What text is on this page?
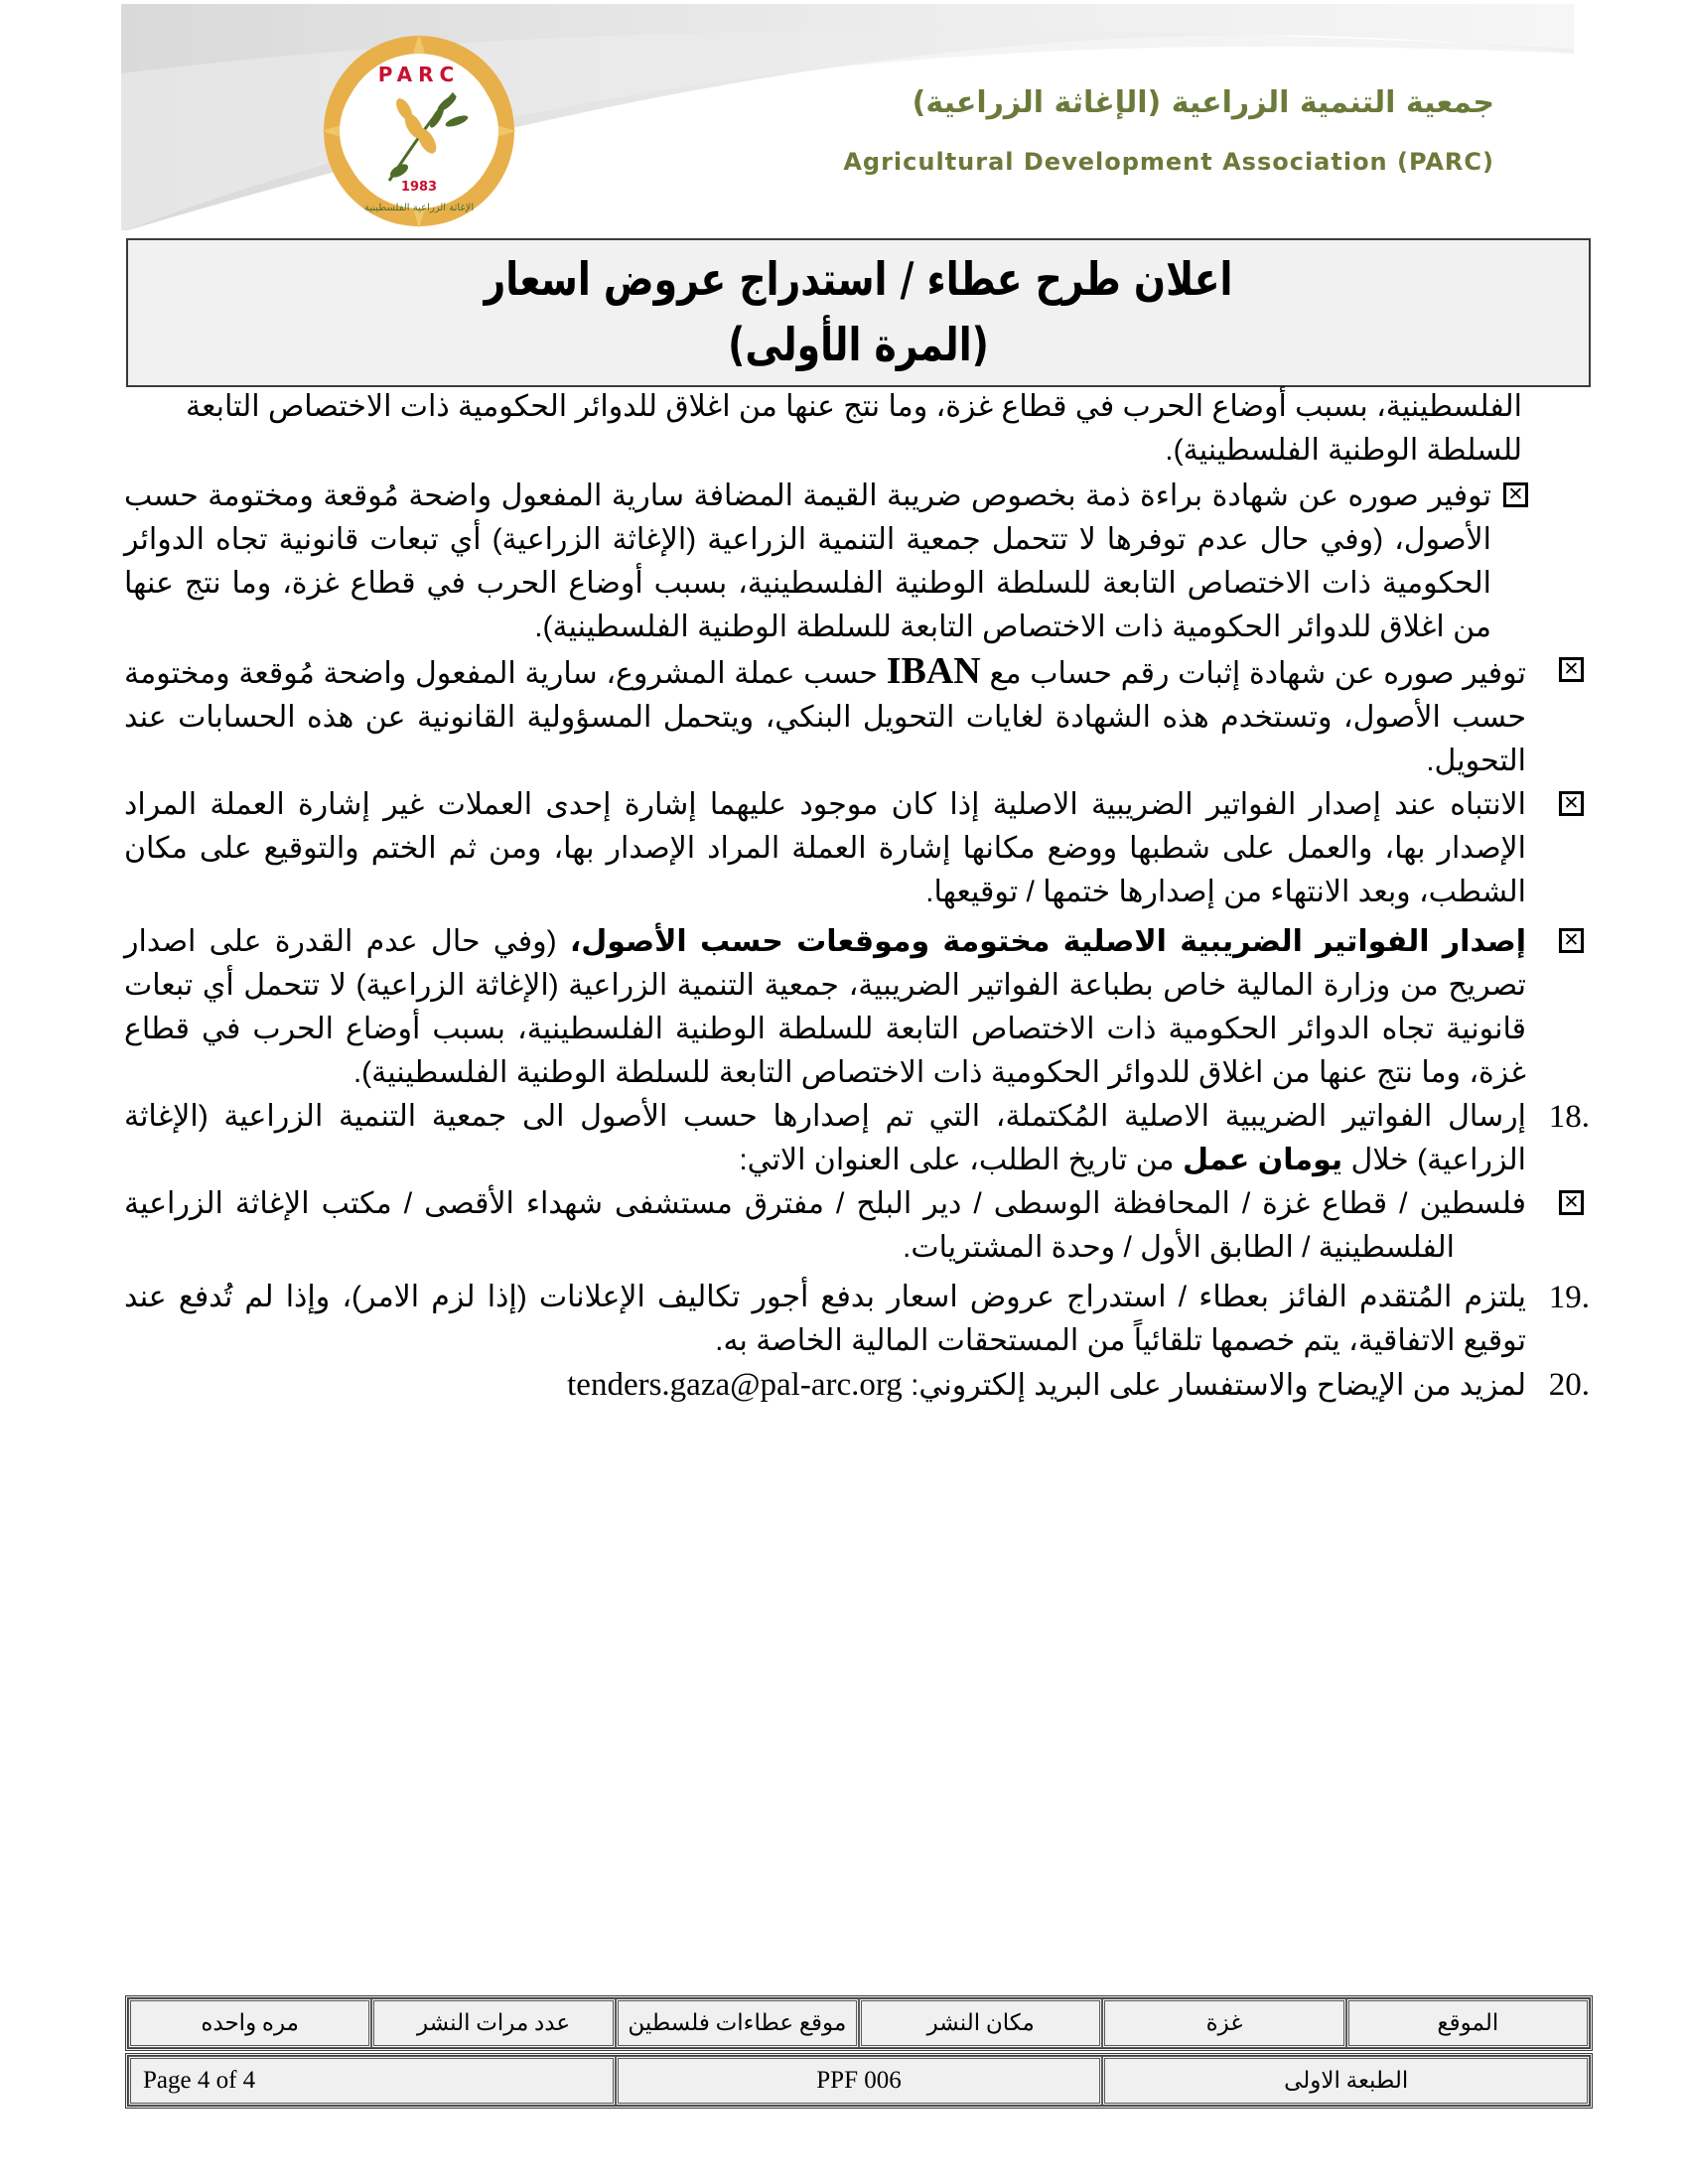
PARC
1983
الإغاثة الزراعية الفلسطينية
جمعية التنمية الزراعية (الإغاثة الزراعية)
Agricultural Development Association (PARC)
اعلان طرح عطاء / استدراج عروض اسعار
(المرة الأولى)
الفلسطينية، بسبب أوضاع الحرب في قطاع غزة، وما نتج عنها من اغلاق للدوائر الحكومية ذات الاختصاص التابعة
للسلطة الوطنية الفلسطينية).
✕
توفير صوره عن شهادة براءة ذمة بخصوص ضريبة القيمة المضافة سارية المفعول واضحة مُوقعة ومختومة حسب الأصول، (وفي حال عدم توفرها لا تتحمل جمعية التنمية الزراعية (الإغاثة الزراعية) أي تبعات قانونية تجاه الدوائر الحكومية ذات الاختصاص التابعة للسلطة الوطنية الفلسطينية، بسبب أوضاع الحرب في قطاع غزة، وما نتج عنها من اغلاق للدوائر الحكومية ذات الاختصاص التابعة للسلطة الوطنية الفلسطينية).
✕
توفير صوره عن شهادة إثبات رقم حساب مع IBAN حسب عملة المشروع، سارية المفعول واضحة مُوقعة ومختومة حسب الأصول، وتستخدم هذه الشهادة لغايات التحويل البنكي، ويتحمل المسؤولية القانونية عن هذه الحسابات عند التحويل.
✕
الانتباه عند إصدار الفواتير الضريبية الاصلية إذا كان موجود عليهما إشارة إحدى العملات غير إشارة العملة المراد الإصدار بها، والعمل على شطبها ووضع مكانها إشارة العملة المراد الإصدار بها، ومن ثم الختم والتوقيع على مكان الشطب، وبعد الانتهاء من إصدارها ختمها / توقيعها.
✕
إصدار الفواتير الضريبية الاصلية مختومة وموقعات حسب الأصول، (وفي حال عدم القدرة على اصدار تصريح من وزارة المالية خاص بطباعة الفواتير الضريبية، جمعية التنمية الزراعية (الإغاثة الزراعية) لا تتحمل أي تبعات قانونية تجاه الدوائر الحكومية ذات الاختصاص التابعة للسلطة الوطنية الفلسطينية، بسبب أوضاع الحرب في قطاع غزة، وما نتج عنها من اغلاق للدوائر الحكومية ذات الاختصاص التابعة للسلطة الوطنية الفلسطينية).
18.
إرسال الفواتير الضريبية الاصلية المُكتملة، التي تم إصدارها حسب الأصول الى جمعية التنمية الزراعية (الإغاثة الزراعية) خلال يومان عمل من تاريخ الطلب، على العنوان الاتي:
✕
فلسطين / قطاع غزة / المحافظة الوسطى / دير البلح / مفترق مستشفى شهداء الأقصى / مكتب الإغاثة الزراعية
الفلسطينية / الطابق الأول / وحدة المشتريات.
19.
يلتزم المُتقدم الفائز بعطاء / استدراج عروض اسعار بدفع أجور تكاليف الإعلانات (إذا لزم الامر)، وإذا لم تُدفع عند توقيع الاتفاقية، يتم خصمها تلقائياً من المستحقات المالية الخاصة به.
20.
لمزيد من الإيضاح والاستفسار على البريد إلكتروني: tenders.gaza@pal-arc.org
الموقع	غزة	مكان النشر	موقع عطاءات فلسطين	عدد مرات النشر	مره واحده
الطبعة الاولى	PPF 006	Page 4 of 4
